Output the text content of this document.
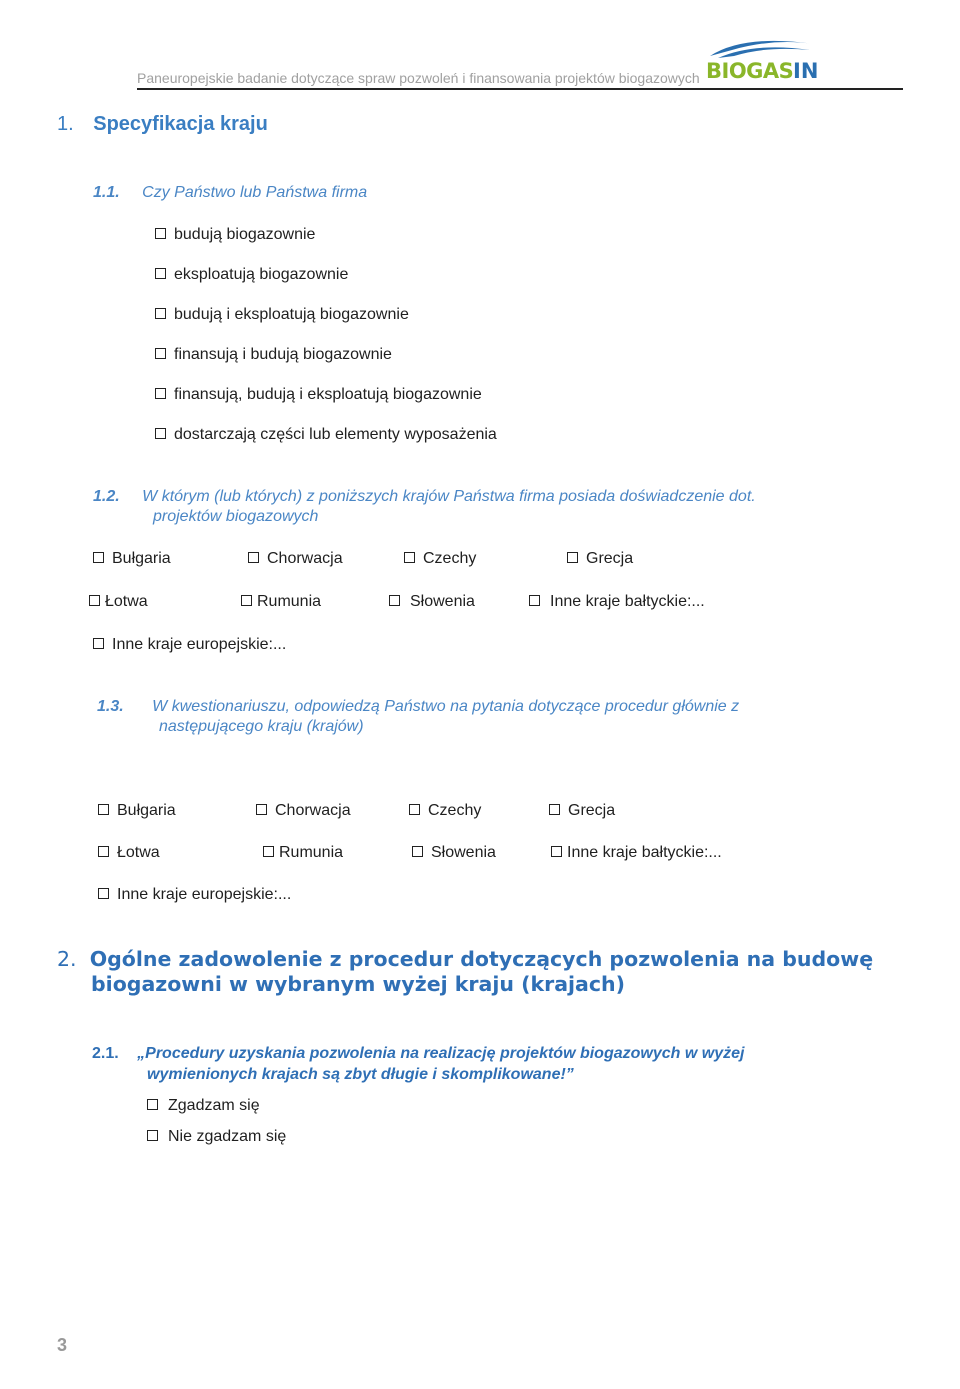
Paneuropejskie badanie dotyczące spraw pozwoleń i finansowania projektów biogazowych BIOGAS IN
1. Specyfikacja kraju
1.1. Czy Państwo lub Państwa firma
budują biogazownie
eksploatują biogazownie
budują i eksploatują biogazownie
finansują i budują biogazownie
finansują, budują i eksploatują biogazownie
dostarczają części lub elementy wyposażenia
1.2. W którym (lub których) z poniższych krajów Państwa firma posiada doświadczenie dot.
projektów biogazowych
Bułgaria	Chorwacja	Czechy	Grecja
Łotwa	Rumunia	Słowenia	Inne kraje bałtyckie:...
Inne kraje europejskie:...
1.3. W kwestionariuszu, odpowiedzą Państwo na pytania dotyczące procedur głównie z
następującego kraju (krajów)
Bułgaria	Chorwacja	Czechy	Grecja
Łotwa	Rumunia	Słowenia	Inne kraje bałtyckie:...
Inne kraje europejskie:...
2. Ogólne zadowolenie z procedur dotyczących pozwolenia na budowę
biogazowni w wybranym wyżej kraju (krajach)
2.1. „Procedury uzyskania pozwolenia na realizację projektów biogazowych w wyżej
wymienionych krajach są zbyt długie i skomplikowane!”
Zgadzam się
Nie zgadzam się
3
